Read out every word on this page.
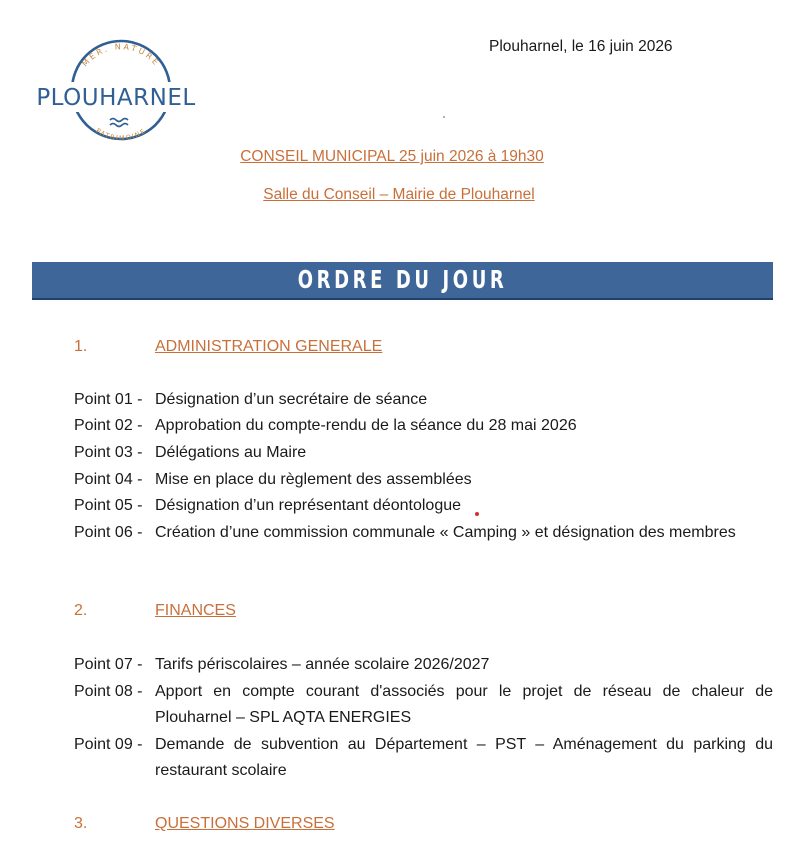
MER. NATURE
PLOUHARNEL
PATRIMOINE
Plouharnel, le 16 juin 2026
CONSEIL MUNICIPAL 25 juin 2026 à 19h30
Salle du Conseil – Mairie de Plouharnel
ORDRE DU JOUR
1.	ADMINISTRATION GENERALE
Point 01 - Désignation d’un secrétaire de séance
Point 02 - Approbation du compte-rendu de la séance du 28 mai 2026
Point 03 - Délégations au Maire
Point 04 - Mise en place du règlement des assemblées
Point 05 - Désignation d’un représentant déontologue
Point 06 - Création d’une commission communale « Camping » et désignation des membres
2.	FINANCES
Point 07 - Tarifs périscolaires – année scolaire 2026/2027
Point 08 - Apport en compte courant d'associés pour le projet de réseau de chaleur de Plouharnel – SPL AQTA ENERGIES
Point 09 - Demande de subvention au Département – PST – Aménagement du parking du restaurant scolaire
3.	QUESTIONS DIVERSES
